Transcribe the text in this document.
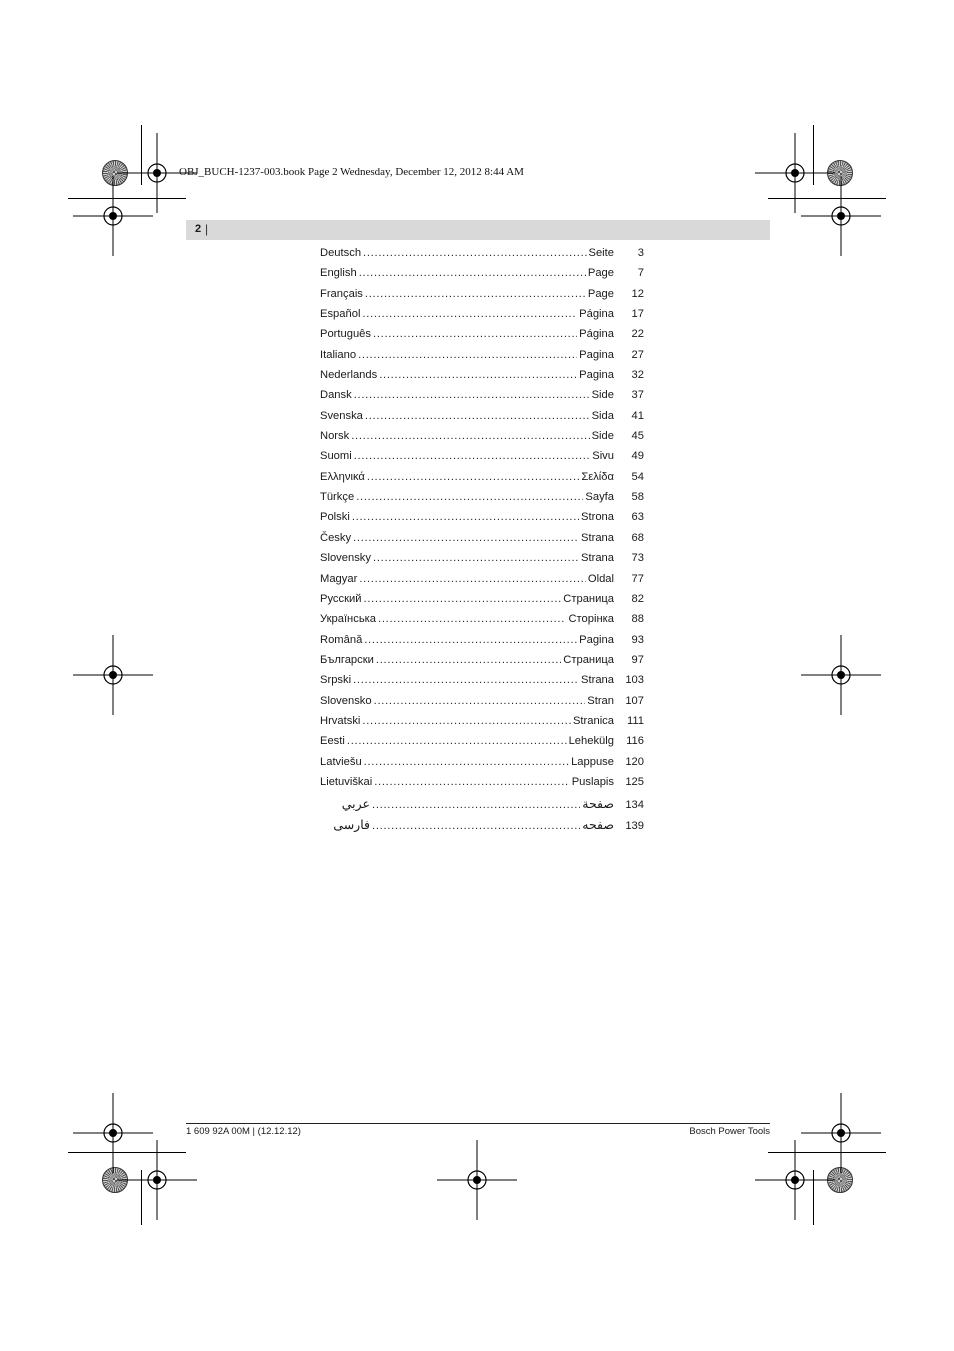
OBJ_BUCH-1237-003.book Page 2 Wednesday, December 12, 2012 8:44 AM
2 |
Deutsch . . .	Seite	3
English . . .	Page	7
Français . . .	Page	12
Español . . .	Página	17
Português . . .	Página	22
Italiano . . .	Pagina	27
Nederlands . . .	Pagina	32
Dansk . . .	Side	37
Svenska . . .	Sida	41
Norsk . . .	Side	45
Suomi . . .	Sivu	49
Ελληνικά . . .	Σελίδα	54
Türkçe . . .	Sayfa	58
Polski . . .	Strona	63
Česky . . .	Strana	68
Slovensky . . .	Strana	73
Magyar . . .	Oldal	77
Русский . . .	Страница	82
Українська . . .	Сторінка	88
Română . . .	Pagina	93
Български . . .	Страница	97
Srpski . . .	Strana	103
Slovensko . . .	Stran	107
Hrvatski . . .	Stranica	111
Eesti . . .	Lehekülg	116
Latviešu . . .	Lappuse	120
Lietuviškai . . .	Puslapis	125
عربي . . .	صفحة	134
فارسی . . .	صفحه	139
1 609 92A 00M | (12.12.12)	Bosch Power Tools
